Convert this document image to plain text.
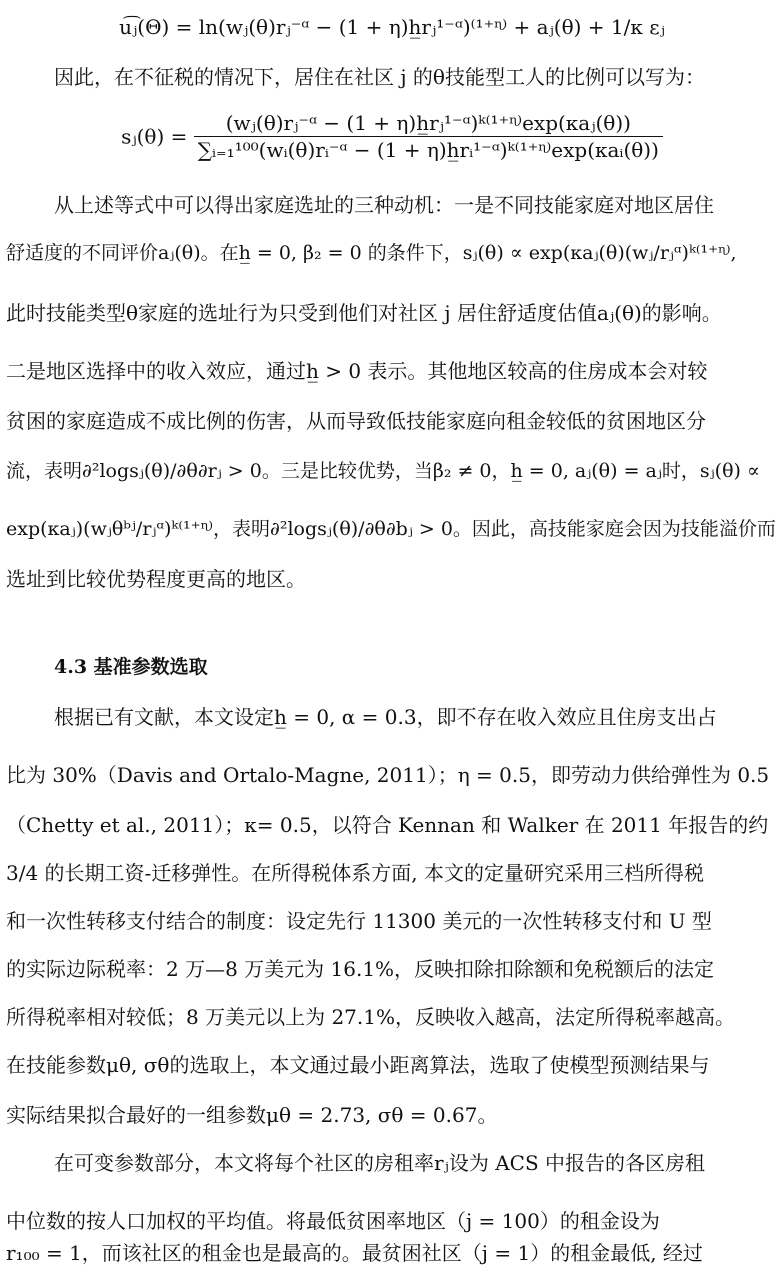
u͡ⱼ(Θ) = ln(wⱼ(θ)rⱼ⁻ᵅ − (1 + η)h̲rⱼ¹⁻ᵅ)⁽¹⁺ᶯ⁾ + aⱼ(θ) + 1/κ εⱼ
因此，在不征税的情况下，居住在社区 j 的θ技能型工人的比例可以写为：
sⱼ(θ) = $\frac{\text{(wⱼ(θ)rⱼ⁻ᵅ − (1 + η)h̲rⱼ¹⁻ᵅ)ᵏ⁽¹⁺ᶯ⁾exp(κaⱼ(θ))}}{\text{∑ᵢ₌₁¹⁰⁰(wᵢ(θ)rᵢ⁻ᵅ − (1 + η)h̲rᵢ¹⁻ᵅ)ᵏ⁽¹⁺ᶯ⁾exp(κaᵢ(θ))}}$
从上述等式中可以得出家庭选址的三种动机：一是不同技能家庭对地区居住
舒适度的不同评价aⱼ(θ)。在h̲ = 0, β₂ = 0 的条件下，sⱼ(θ) ∝ exp(κaⱼ(θ)(wⱼ/rⱼᵅ)ᵏ⁽¹⁺ᶯ⁾,
此时技能类型θ家庭的选址行为只受到他们对社区 j 居住舒适度估值aⱼ(θ)的影响。
二是地区选择中的收入效应，通过h̲ > 0 表示。其他地区较高的住房成本会对较
贫困的家庭造成不成比例的伤害，从而导致低技能家庭向租金较低的贫困地区分
流，表明∂²logsⱼ(θ)/∂θ∂rⱼ > 0。三是比较优势，当β₂ ≠ 0，h̲ = 0, aⱼ(θ) = aⱼ时，sⱼ(θ) ∝
exp(κaⱼ)(wⱼθᵇʲ/rⱼᵅ)ᵏ⁽¹⁺ᶯ⁾，表明∂²logsⱼ(θ)/∂θ∂bⱼ > 0。因此，高技能家庭会因为技能溢价而
选址到比较优势程度更高的地区。
4.3 基准参数选取
根据已有文献，本文设定h̲ = 0, α = 0.3，即不存在收入效应且住房支出占
比为 30%（Davis and Ortalo-Magne, 2011）；η = 0.5，即劳动力供给弹性为 0.5
（Chetty et al., 2011）；κ= 0.5，以符合 Kennan 和 Walker 在 2011 年报告的约
3/4 的长期工资-迁移弹性。在所得税体系方面, 本文的定量研究采用三档所得税
和一次性转移支付结合的制度：设定先行 11300 美元的一次性转移支付和 U 型
的实际边际税率：2 万—8 万美元为 16.1%，反映扣除扣除额和免税额后的法定
所得税率相对较低；8 万美元以上为 27.1%，反映收入越高，法定所得税率越高。
在技能参数μθ, σθ的选取上，本文通过最小距离算法，选取了使模型预测结果与
实际结果拟合最好的一组参数μθ = 2.73, σθ = 0.67。
在可变参数部分，本文将每个社区的房租率rⱼ设为 ACS 中报告的各区房租
中位数的按人口加权的平均值。将最低贫困率地区（j = 100）的租金设为
r₁₀₀ = 1，而该社区的租金也是最高的。最贫困社区（j = 1）的租金最低, 经过
